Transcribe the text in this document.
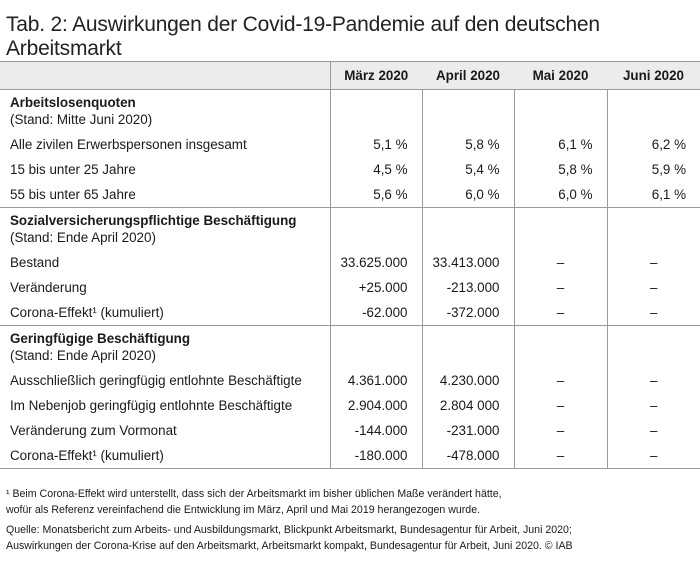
Tab. 2: Auswirkungen der Covid-19-Pandemie auf den deutschen Arbeitsmarkt
	März 2020	April 2020	Mai 2020	Juni 2020

Arbeitslosenquoten
(Stand: Mitte Juni 2020)				
Alle zivilen Erwerbspersonen insgesamt	5,1 %	5,8 %	6,1 %	6,2 %
15 bis unter 25 Jahre	4,5 %	5,4 %	5,8 %	5,9 %
55 bis unter 65 Jahre	5,6 %	6,0 %	6,0 %	6,1 %

Sozialversicherungspflichtige Beschäftigung
(Stand: Ende April 2020)				
Bestand	33.625.000	33.413.000	–	–
Veränderung	+25.000	-213.000	–	–
Corona-Effekt¹ (kumuliert)	-62.000	-372.000	–	–

Geringfügige Beschäftigung
(Stand: Ende April 2020)				
Ausschließlich geringfügig entlohnte Beschäftigte	4.361.000	4.230.000	–	–
Im Nebenjob geringfügig entlohnte Beschäftigte	2.904.000	2.804 000	–	–
Veränderung zum Vormonat	-144.000	-231.000	–	–
Corona-Effekt¹ (kumuliert)	-180.000	-478.000	–	–

¹ Beim Corona-Effekt wird unterstellt, dass sich der Arbeitsmarkt im bisher üblichen Maße verändert hätte,

wofür als Referenz vereinfachend die Entwicklung im März, April und Mai 2019 herangezogen wurde.

Quelle: Monatsbericht zum Arbeits- und Ausbildungsmarkt, Blickpunkt Arbeitsmarkt, Bundesagentur für Arbeit, Juni 2020;

Auswirkungen der Corona-Krise auf den Arbeitsmarkt, Arbeitsmarkt kompakt, Bundesagentur für Arbeit, Juni 2020. © IAB
